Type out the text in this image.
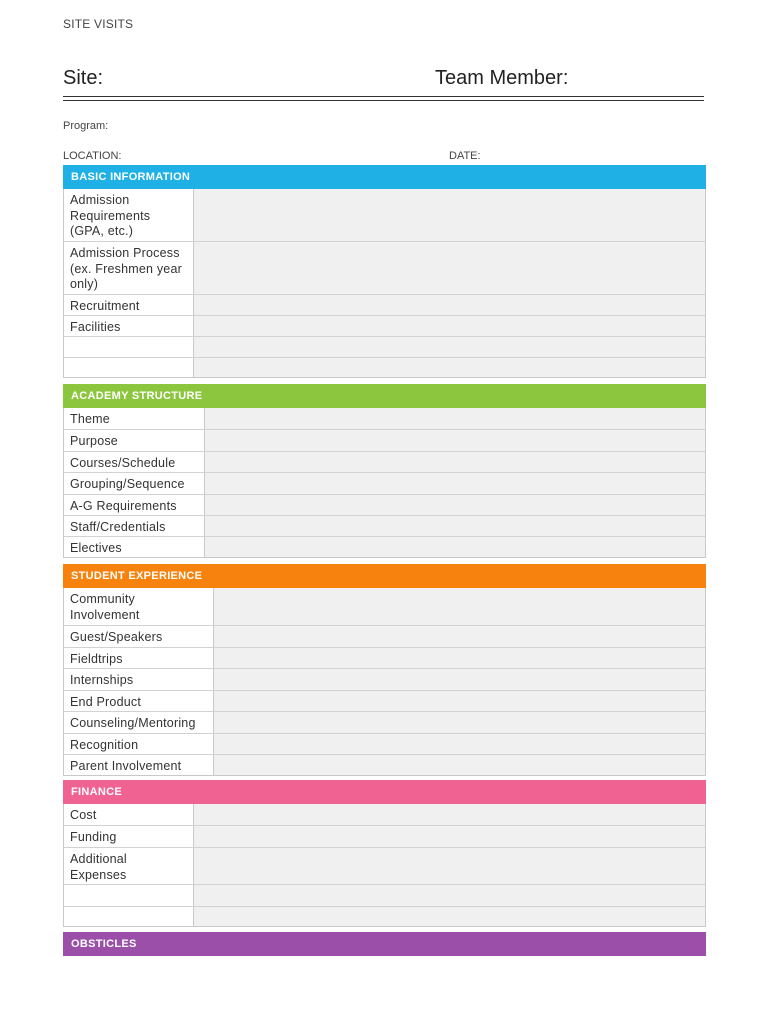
SITE VISITS
Site:	Team Member:
Program:
LOCATION:	DATE:
BASIC INFORMATION
Admission Requirements (GPA, etc.)
Admission Process (ex. Freshmen year only)
Recruitment
Facilities
ACADEMY STRUCTURE
Theme
Purpose
Courses/Schedule
Grouping/Sequence
A-G Requirements
Staff/Credentials
Electives
STUDENT EXPERIENCE
Community Involvement
Guest/Speakers
Fieldtrips
Internships
End Product
Counseling/Mentoring
Recognition
Parent Involvement
FINANCE
Cost
Funding
Additional Expenses
OBSTICLES
